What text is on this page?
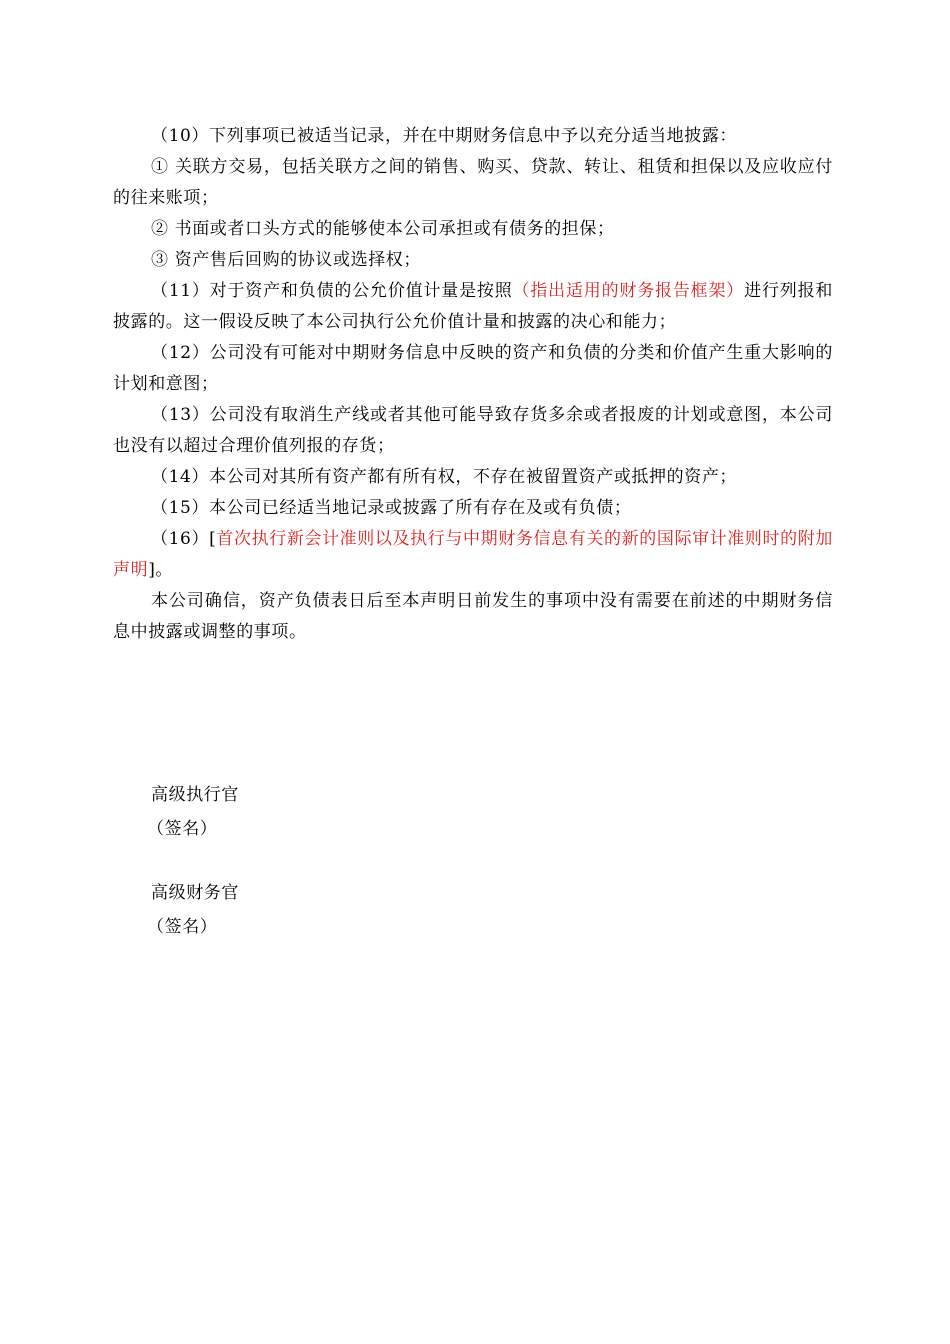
（10）下列事项已被适当记录，并在中期财务信息中予以充分适当地披露：

① 关联方交易，包括关联方之间的销售、购买、贷款、转让、租赁和担保以及应收应付的往来账项；

② 书面或者口头方式的能够使本公司承担或有债务的担保；

③ 资产售后回购的协议或选择权；

（11）对于资产和负债的公允价值计量是按照（指出适用的财务报告框架）进行列报和披露的。这一假设反映了本公司执行公允价值计量和披露的决心和能力；

（12）公司没有可能对中期财务信息中反映的资产和负债的分类和价值产生重大影响的计划和意图；

（13）公司没有取消生产线或者其他可能导致存货多余或者报废的计划或意图，本公司也没有以超过合理价值列报的存货；

（14）本公司对其所有资产都有所有权，不存在被留置资产或抵押的资产；

（15）本公司已经适当地记录或披露了所有存在及或有负债；

（16）[首次执行新会计准则以及执行与中期财务信息有关的新的国际审计准则时的附加声明]。

本公司确信，资产负债表日后至本声明日前发生的事项中没有需要在前述的中期财务信息中披露或调整的事项。

高级执行官
（签名）
高级财务官
（签名）
